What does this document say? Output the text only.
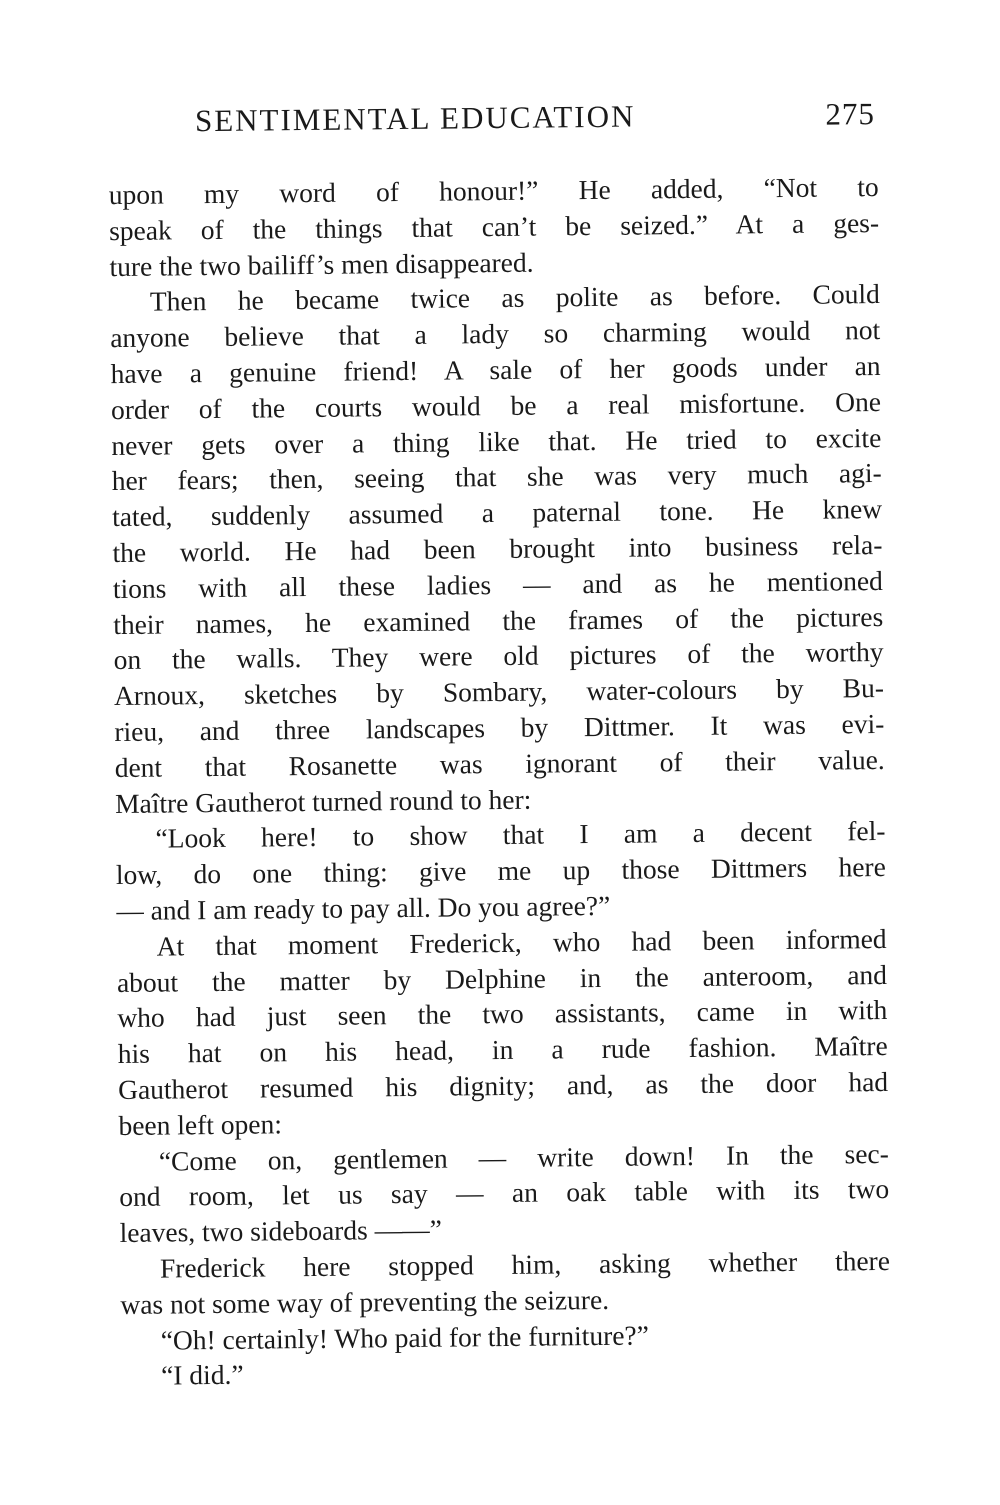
SENTIMENTAL EDUCATION	275
upon my word of honour!” He added, “Not to
speak of the things that can’t be seized.” At a ges-
ture the two bailiff’s men disappeared.
Then he became twice as polite as before. Could
anyone believe that a lady so charming would not
have a genuine friend! A sale of her goods under an
order of the courts would be a real misfortune. One
never gets over a thing like that. He tried to excite
her fears; then, seeing that she was very much agi-
tated, suddenly assumed a paternal tone. He knew
the world. He had been brought into business rela-
tions with all these ladies — and as he mentioned
their names, he examined the frames of the pictures
on the walls. They were old pictures of the worthy
Arnoux, sketches by Sombary, water-colours by Bu-
rieu, and three landscapes by Dittmer. It was evi-
dent that Rosanette was ignorant of their value.
Maître Gautherot turned round to her:
“Look here! to show that I am a decent fel-
low, do one thing: give me up those Dittmers here
— and I am ready to pay all. Do you agree?”
At that moment Frederick, who had been informed
about the matter by Delphine in the anteroom, and
who had just seen the two assistants, came in with
his hat on his head, in a rude fashion. Maître
Gautherot resumed his dignity; and, as the door had
been left open:
“Come on, gentlemen — write down! In the sec-
ond room, let us say — an oak table with its two
leaves, two sideboards ——”
Frederick here stopped him, asking whether there
was not some way of preventing the seizure.
“Oh! certainly! Who paid for the furniture?”
“I did.”
